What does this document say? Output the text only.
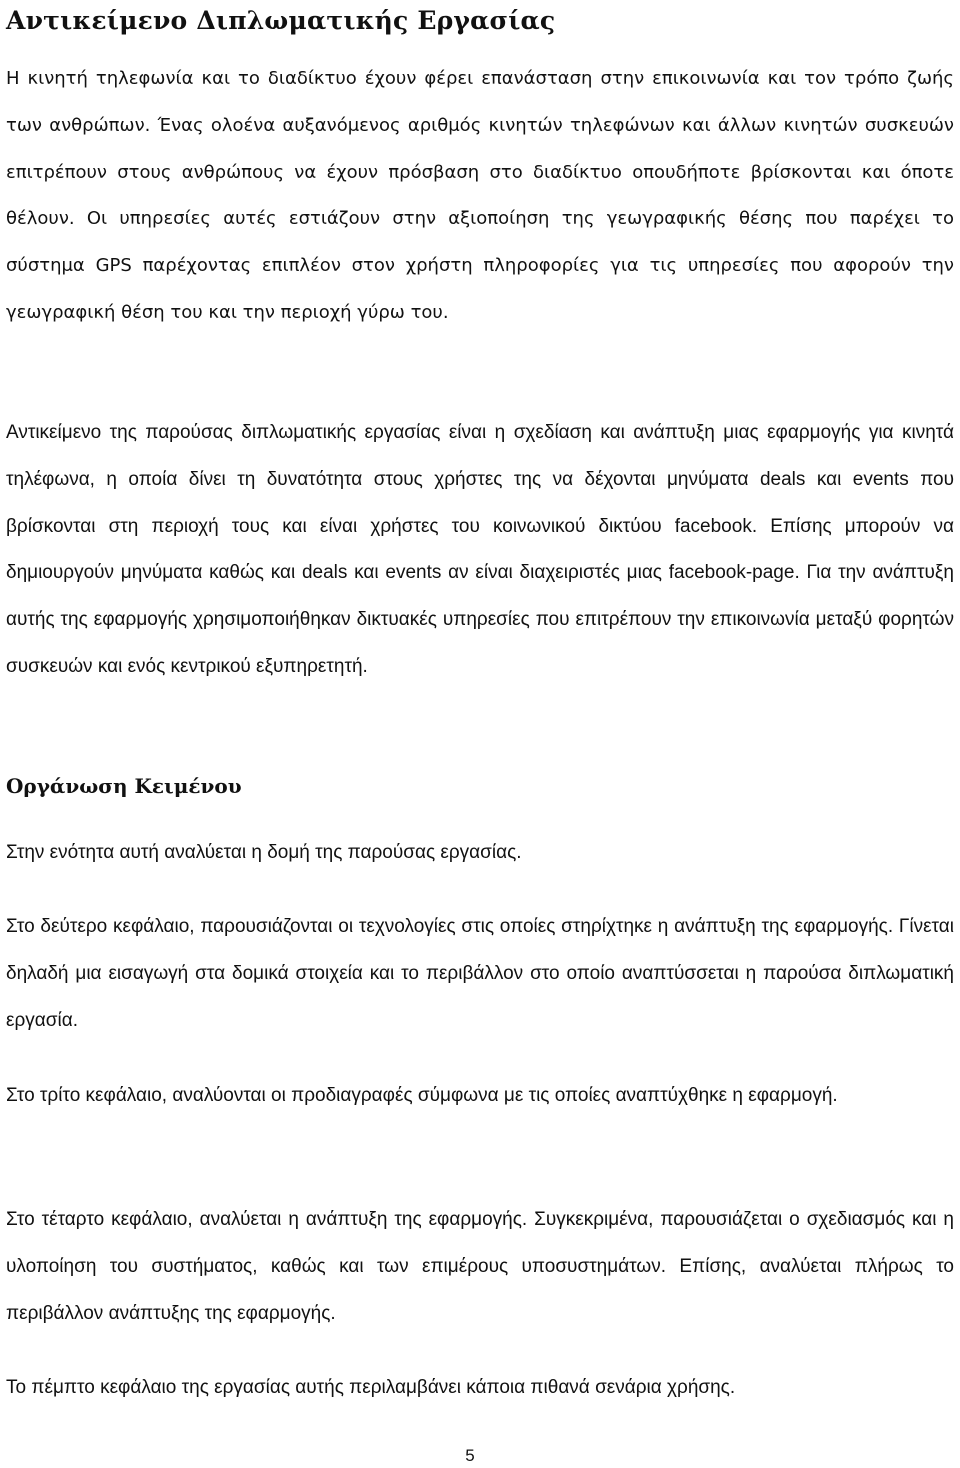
Αντικείμενο Διπλωματικής Εργασίας

Η κινητή τηλεφωνία και το διαδίκτυο έχουν φέρει επανάσταση στην επικοινωνία και τον τρόπο ζωής των ανθρώπων. Ένας ολοένα αυξανόμενος αριθμός κινητών τηλεφώνων και άλλων κινητών συσκευών επιτρέπουν στους ανθρώπους να έχουν πρόσβαση στο διαδίκτυο οπουδήποτε βρίσκονται και όποτε θέλουν. Οι υπηρεσίες αυτές εστιάζουν στην αξιοποίηση της γεωγραφικής θέσης που παρέχει το σύστημα GPS παρέχοντας επιπλέον στον χρήστη πληροφορίες για τις υπηρεσίες που αφορούν την γεωγραφική θέση του και την περιοχή γύρω του.

Αντικείμενο της παρούσας διπλωματικής εργασίας είναι η σχεδίαση και ανάπτυξη μιας εφαρμογής για κινητά τηλέφωνα, η οποία δίνει τη δυνατότητα στους χρήστες της να δέχονται μηνύματα deals και events που βρίσκονται στη περιοχή τους και είναι χρήστες του κοινωνικού δικτύου facebook. Επίσης μπορούν να δημιουργούν μηνύματα καθώς και deals και events αν είναι διαχειριστές μιας facebook-page. Για την ανάπτυξη αυτής της εφαρμογής χρησιμοποιήθηκαν δικτυακές υπηρεσίες που επιτρέπουν την επικοινωνία μεταξύ φορητών συσκευών και ενός κεντρικού εξυπηρετητή.

Οργάνωση Κειμένου

Στην ενότητα αυτή αναλύεται η δομή της παρούσας εργασίας.

Στο δεύτερο κεφάλαιο, παρουσιάζονται οι τεχνολογίες στις οποίες στηρίχτηκε η ανάπτυξη της εφαρμογής. Γίνεται δηλαδή μια εισαγωγή στα δομικά στοιχεία και το περιβάλλον στο οποίο αναπτύσσεται η παρούσα διπλωματική εργασία.

Στο τρίτο κεφάλαιο, αναλύονται οι προδιαγραφές σύμφωνα με τις οποίες αναπτύχθηκε η εφαρμογή.

Στο τέταρτο κεφάλαιο, αναλύεται η ανάπτυξη της εφαρμογής. Συγκεκριμένα, παρουσιάζεται ο σχεδιασμός και η υλοποίηση του συστήματος, καθώς και των επιμέρους υποσυστημάτων. Επίσης, αναλύεται πλήρως το περιβάλλον ανάπτυξης της εφαρμογής.

Το πέμπτο κεφάλαιο της εργασίας αυτής περιλαμβάνει κάποια πιθανά σενάρια χρήσης.

5
